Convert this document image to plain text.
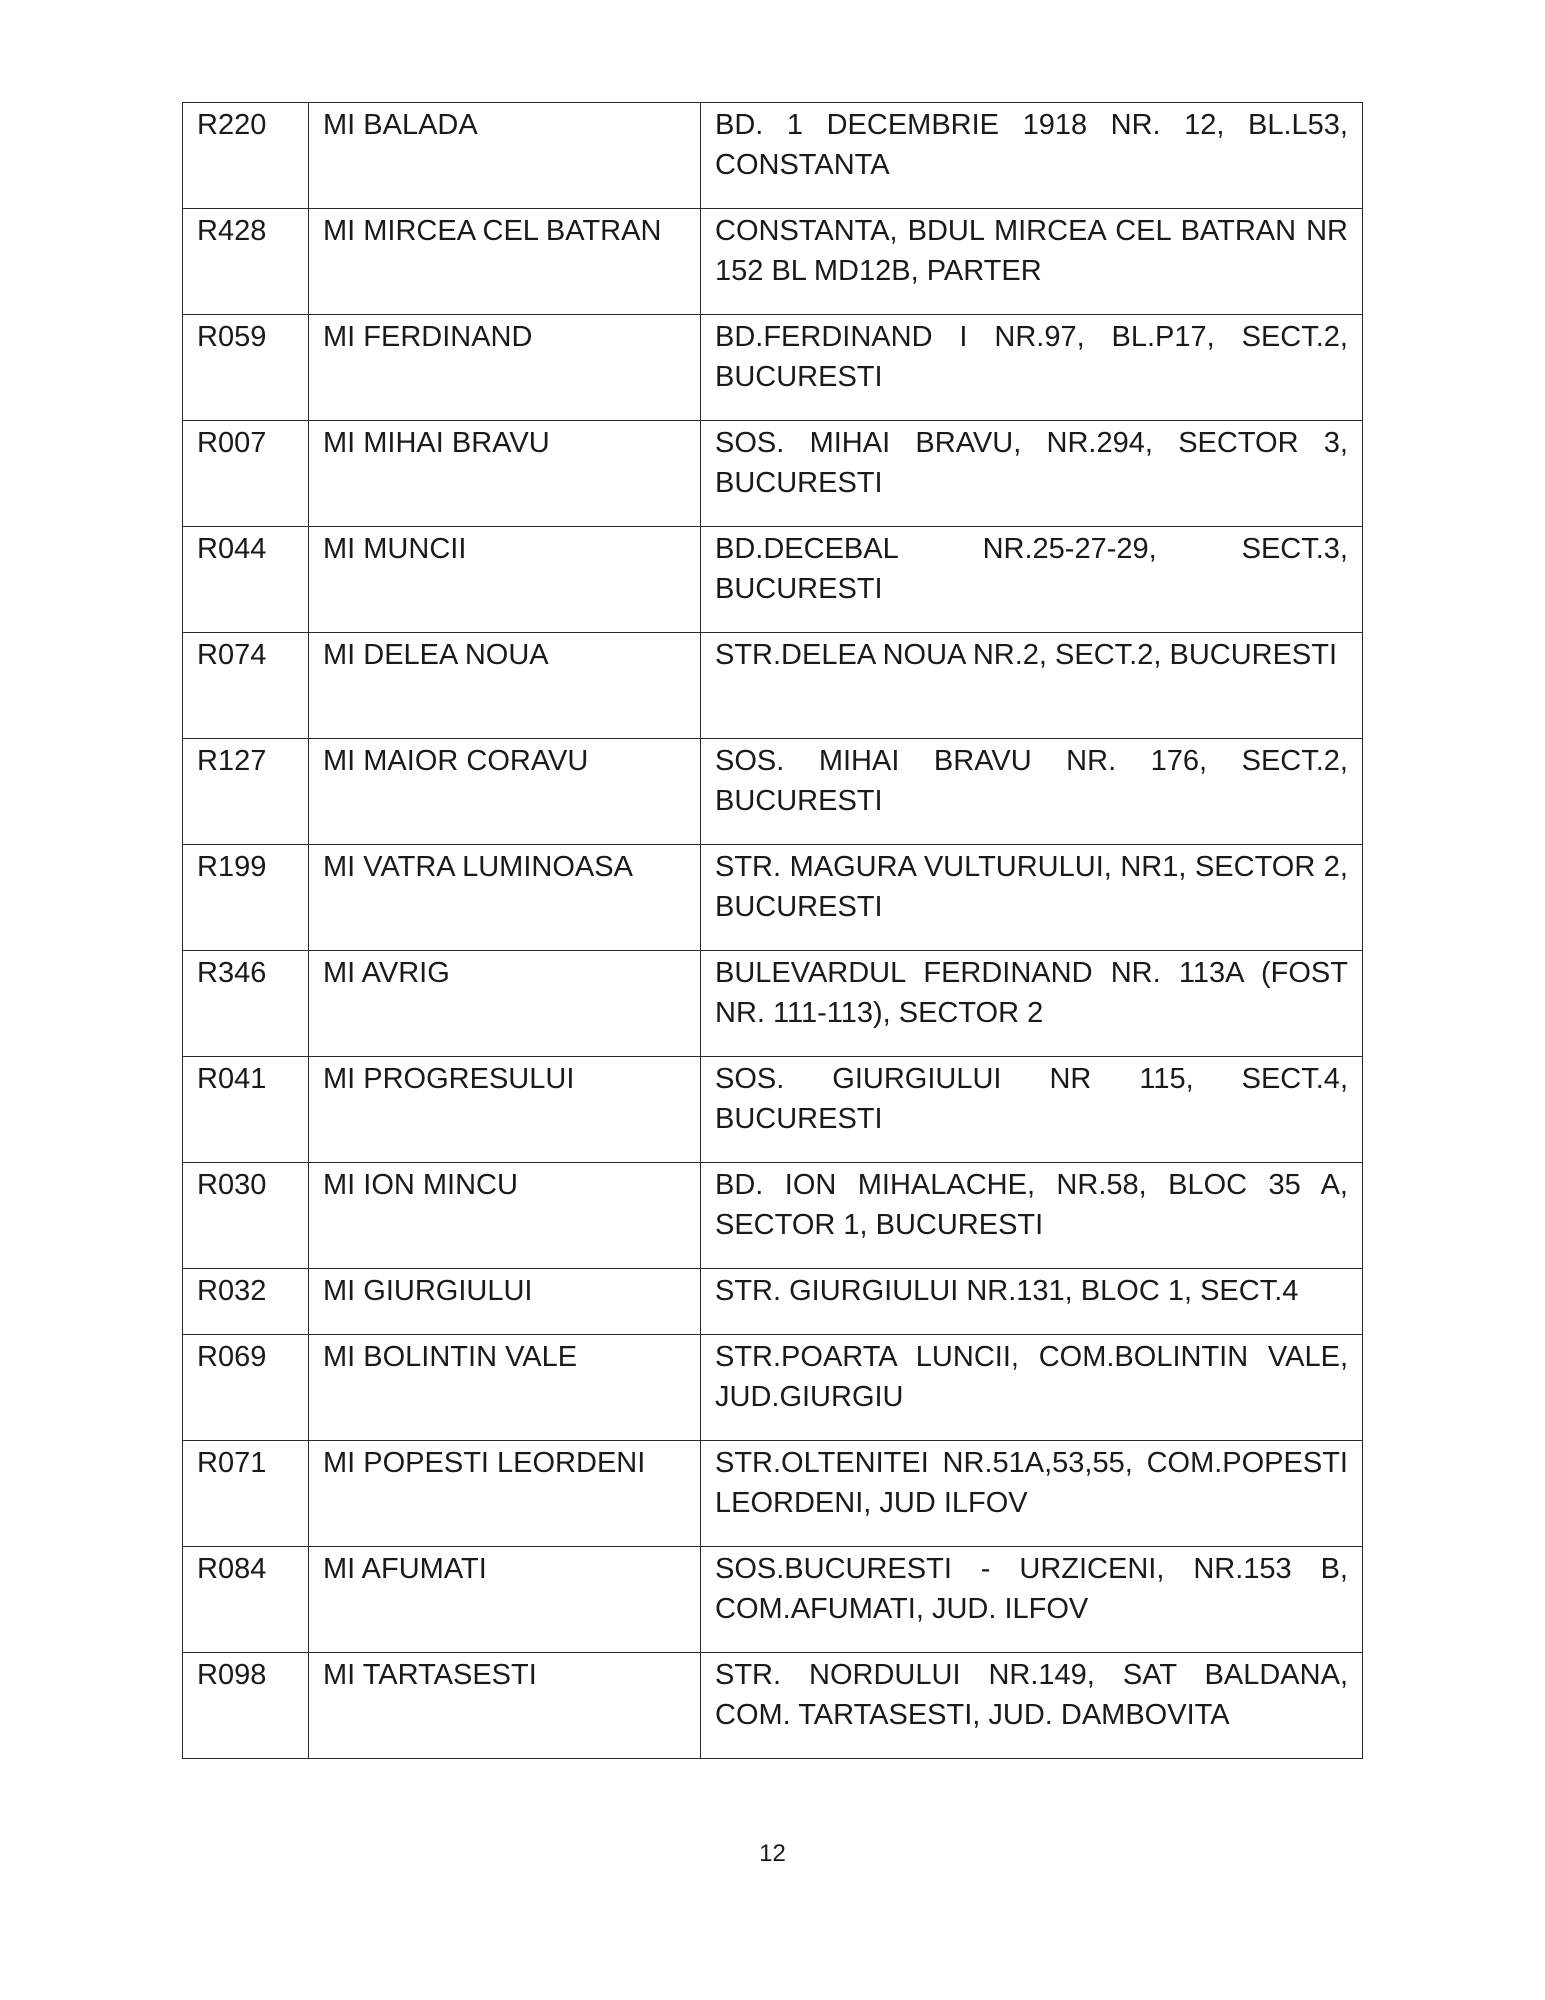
R220	MI BALADA	BD. 1 DECEMBRIE 1918 NR. 12, BL.L53, CONSTANTA
R428	MI MIRCEA CEL BATRAN	CONSTANTA, BDUL MIRCEA CEL BATRAN NR 152 BL MD12B, PARTER
R059	MI FERDINAND	BD.FERDINAND I NR.97, BL.P17, SECT.2, BUCURESTI
R007	MI MIHAI BRAVU	SOS. MIHAI BRAVU, NR.294, SECTOR 3, BUCURESTI
R044	MI MUNCII	BD.DECEBAL NR.25-27-29, SECT.3, BUCURESTI
R074	MI DELEA NOUA	STR.DELEA NOUA NR.2, SECT.2, BUCURESTI
R127	MI MAIOR CORAVU	SOS. MIHAI BRAVU NR. 176, SECT.2, BUCURESTI
R199	MI VATRA LUMINOASA	STR. MAGURA VULTURULUI, NR1, SECTOR 2, BUCURESTI
R346	MI AVRIG	BULEVARDUL FERDINAND NR. 113A (FOST NR. 111-113), SECTOR 2
R041	MI PROGRESULUI	SOS. GIURGIULUI NR 115, SECT.4, BUCURESTI
R030	MI ION MINCU	BD. ION MIHALACHE, NR.58, BLOC 35 A, SECTOR 1, BUCURESTI
R032	MI GIURGIULUI	STR. GIURGIULUI NR.131, BLOC 1, SECT.4
R069	MI BOLINTIN VALE	STR.POARTA LUNCII, COM.BOLINTIN VALE, JUD.GIURGIU
R071	MI POPESTI LEORDENI	STR.OLTENITEI NR.51A,53,55, COM.POPESTI LEORDENI, JUD ILFOV
R084	MI AFUMATI	SOS.BUCURESTI - URZICENI, NR.153 B, COM.AFUMATI, JUD. ILFOV
R098	MI TARTASESTI	STR. NORDULUI NR.149, SAT BALDANA, COM. TARTASESTI, JUD. DAMBOVITA
12
